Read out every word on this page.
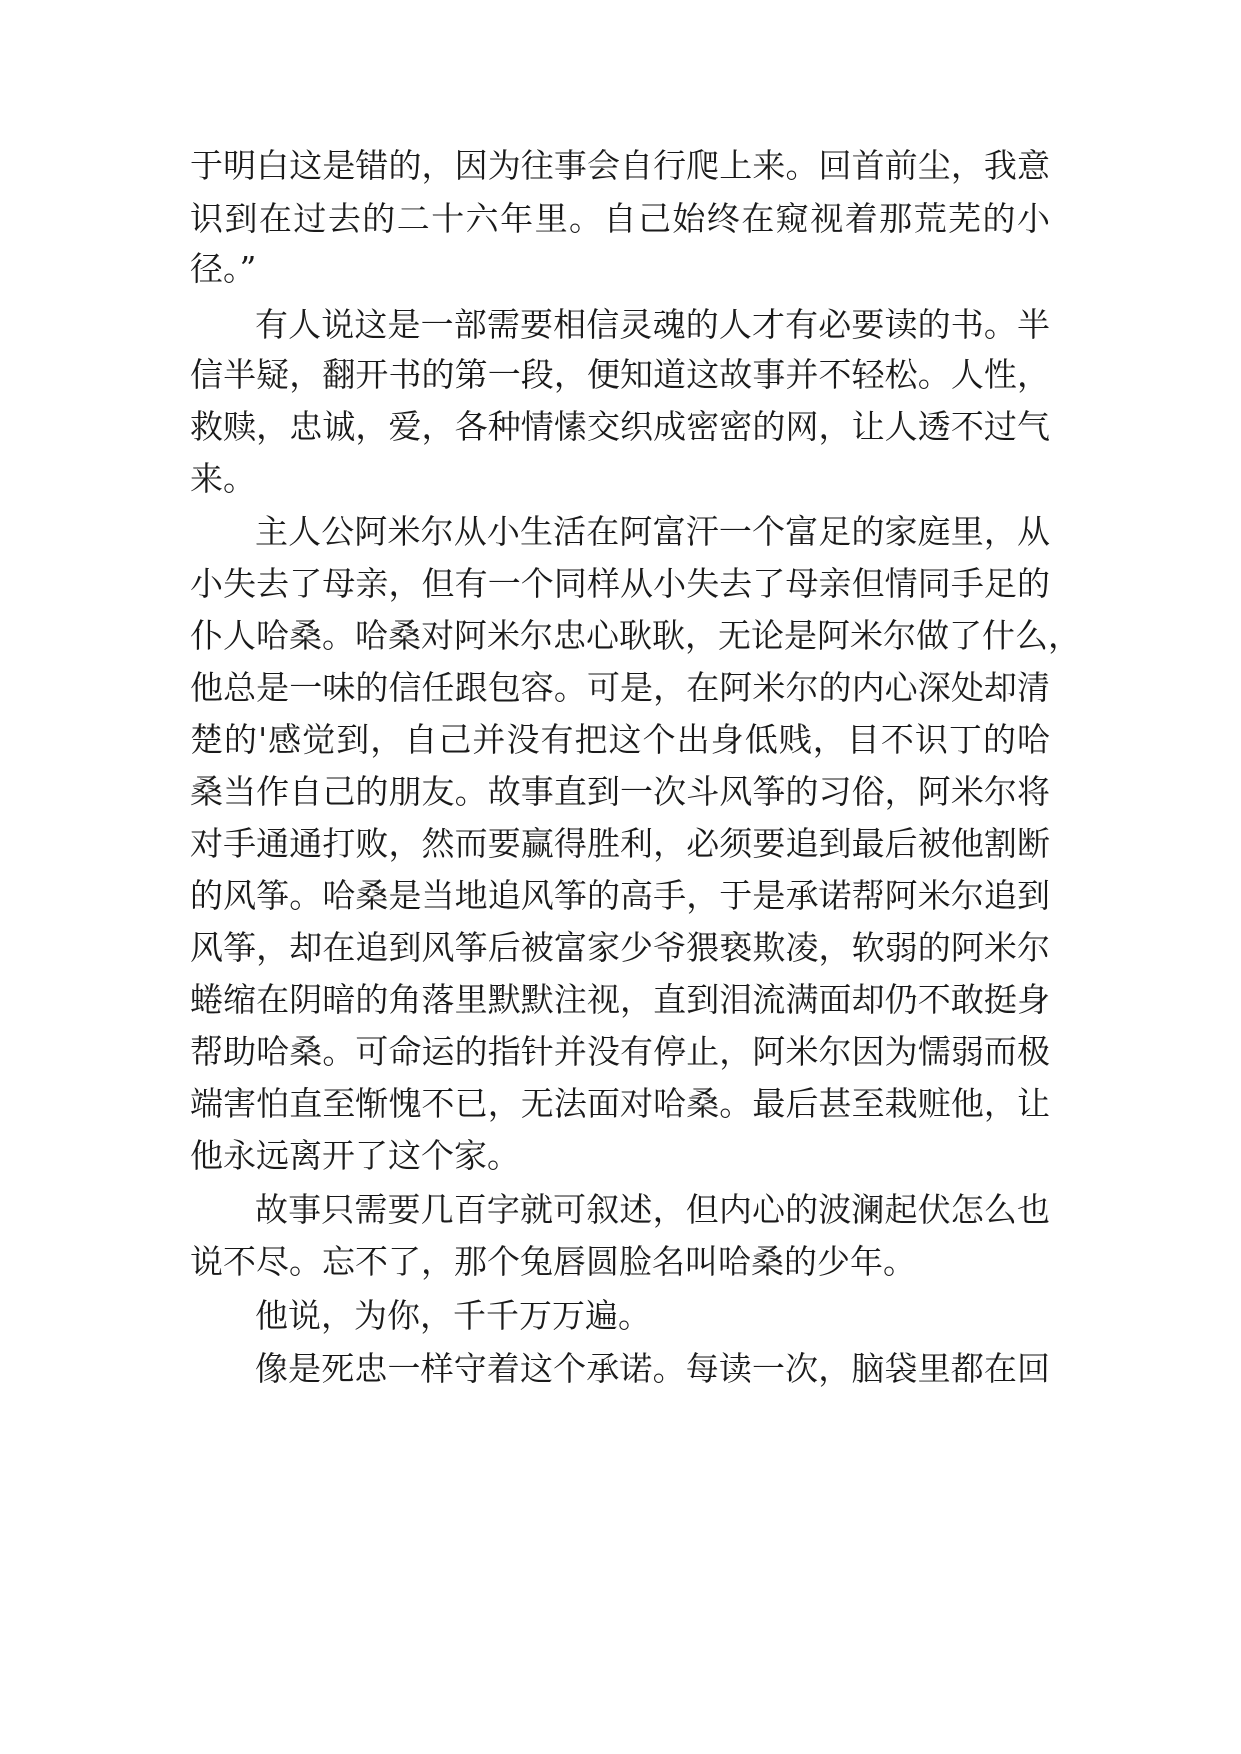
于明白这是错的，因为往事会自行爬上来。回首前尘，我意
识到在过去的二十六年里。自己始终在窥视着那荒芜的小
径。”
有人说这是一部需要相信灵魂的人才有必要读的书。半
信半疑，翻开书的第一段，便知道这故事并不轻松。人性，
救赎，忠诚，爱，各种情愫交织成密密的网，让人透不过气
来。
主人公阿米尔从小生活在阿富汗一个富足的家庭里，从
小失去了母亲，但有一个同样从小失去了母亲但情同手足的
仆人哈桑。哈桑对阿米尔忠心耿耿，无论是阿米尔做了什么，
他总是一味的信任跟包容。可是，在阿米尔的内心深处却清
楚的'感觉到，自己并没有把这个出身低贱，目不识丁的哈
桑当作自己的朋友。故事直到一次斗风筝的习俗，阿米尔将
对手通通打败，然而要赢得胜利，必须要追到最后被他割断
的风筝。哈桑是当地追风筝的高手，于是承诺帮阿米尔追到
风筝，却在追到风筝后被富家少爷猥亵欺凌，软弱的阿米尔
蜷缩在阴暗的角落里默默注视，直到泪流满面却仍不敢挺身
帮助哈桑。可命运的指针并没有停止，阿米尔因为懦弱而极
端害怕直至惭愧不已，无法面对哈桑。最后甚至栽赃他，让
他永远离开了这个家。
故事只需要几百字就可叙述，但内心的波澜起伏怎么也
说不尽。忘不了，那个兔唇圆脸名叫哈桑的少年。
他说，为你，千千万万遍。
像是死忠一样守着这个承诺。每读一次，脑袋里都在回
